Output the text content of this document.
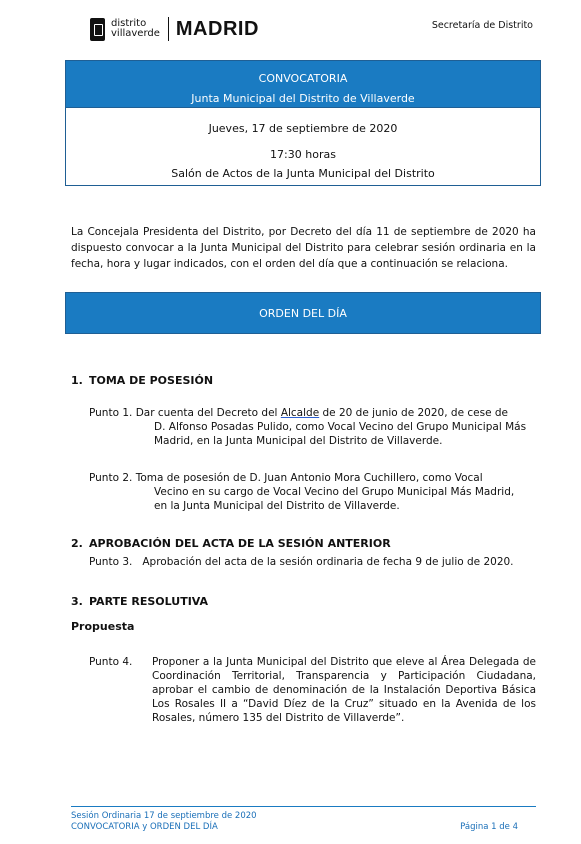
distrito
villaverde MADRID	Secretaría de Distrito
CONVOCATORIA
Junta Municipal del Distrito de Villaverde
Jueves, 17 de septiembre de 2020
17:30 horas
Salón de Actos de la Junta Municipal del Distrito
La Concejala Presidenta del Distrito, por Decreto del día 11 de septiembre de 2020 ha dispuesto convocar a la Junta Municipal del Distrito para celebrar sesión ordinaria en la fecha, hora y lugar indicados, con el orden del día que a continuación se relaciona.
ORDEN DEL DÍA
1. TOMA DE POSESIÓN
Punto 1. Dar cuenta del Decreto del Alcalde de 20 de junio de 2020, de cese de
D. Alfonso Posadas Pulido, como Vocal Vecino del Grupo Municipal Más Madrid, en la Junta Municipal del Distrito de Villaverde.
Punto 2. Toma de posesión de D. Juan Antonio Mora Cuchillero, como Vocal
Vecino en su cargo de Vocal Vecino del Grupo Municipal Más Madrid, en la Junta Municipal del Distrito de Villaverde.
2. APROBACIÓN DEL ACTA DE LA SESIÓN ANTERIOR
Punto 3.   Aprobación del acta de la sesión ordinaria de fecha 9 de julio de 2020.
3. PARTE RESOLUTIVA
Propuesta
Punto 4. Proponer a la Junta Municipal del Distrito que eleve al Área Delegada de Coordinación Territorial, Transparencia y Participación Ciudadana, aprobar el cambio de denominación de la Instalación Deportiva Básica Los Rosales II a “David Díez de la Cruz” situado en la Avenida de los Rosales, número 135 del Distrito de Villaverde”.
Sesión Ordinaria 17 de septiembre de 2020
CONVOCATORIA y ORDEN DEL DÍA	Página 1 de 4
